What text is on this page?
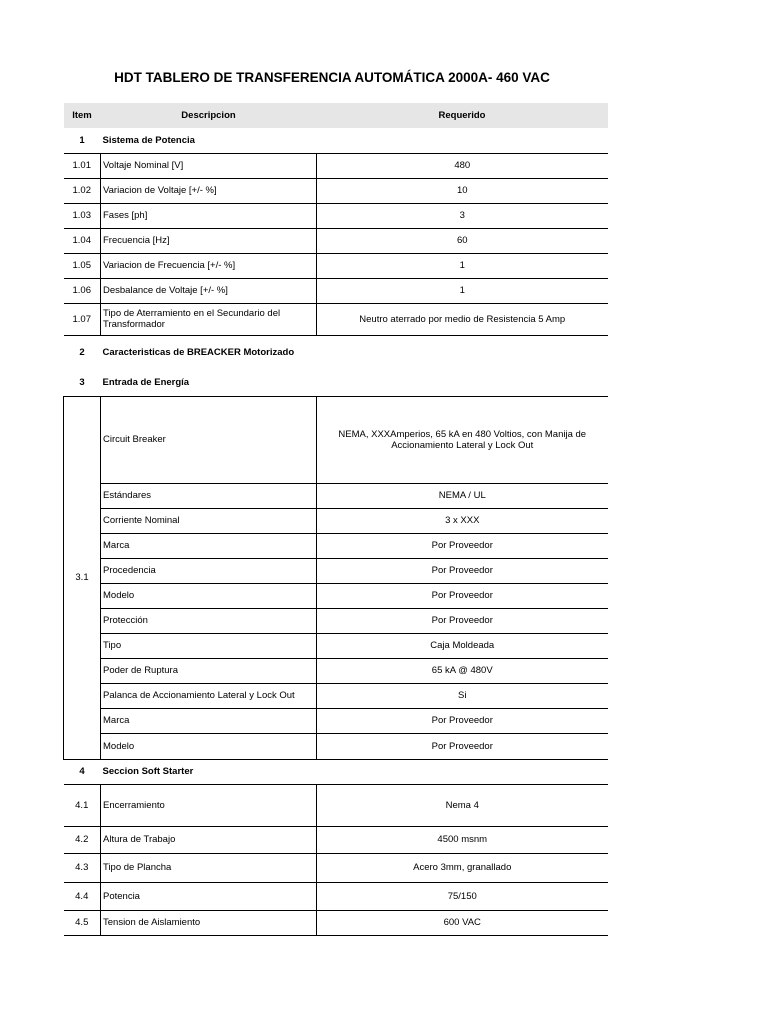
HDT TABLERO DE TRANSFERENCIA AUTOMÁTICA 2000A- 460 VAC
Item	Descripcion	Requerido
1	Sistema de Potencia	
1.01	Voltaje Nominal [V]	480
1.02	Variacion de Voltaje [+/- %]	10
1.03	Fases [ph]	3
1.04	Frecuencia [Hz]	60
1.05	Variacion de Frecuencia [+/- %]	1
1.06	Desbalance de Voltaje [+/- %]	1
1.07	Tipo de Aterramiento en el Secundario del Transformador	Neutro aterrado por medio de Resistencia 5 Amp
2	Caracteristicas de BREACKER Motorizado	
3	Entrada de Energía	
3.1	Circuit Breaker	NEMA, XXXAmperios, 65 kA en 480 Voltios, con Manija de Accionamiento Lateral y Lock Out
	Estándares	NEMA / UL
	Corriente Nominal	3 x XXX
	Marca	Por Proveedor
	Procedencia	Por Proveedor
	Modelo	Por Proveedor
	Protección	Por Proveedor
	Tipo	Caja Moldeada
	Poder de Ruptura	65 kA @ 480V
	Palanca de Accionamiento Lateral y Lock Out	Si
	Marca	Por Proveedor
	Modelo	Por Proveedor
4	Seccion Soft Starter	
4.1	Encerramiento	Nema 4
4.2	Altura de Trabajo	4500 msnm
4.3	Tipo de Plancha	Acero 3mm, granallado
4.4	Potencia	75/150
4.5	Tension de Aislamiento	600 VAC
